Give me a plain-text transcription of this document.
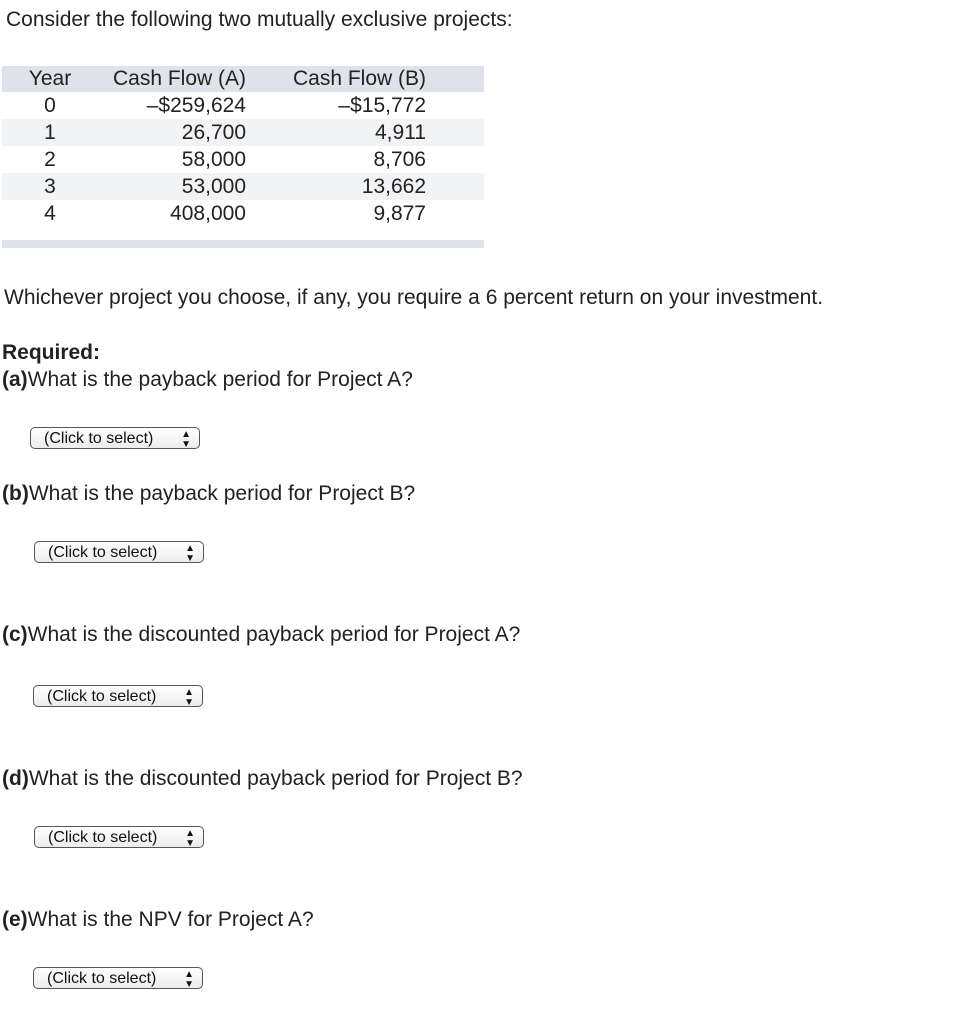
Consider the following two mutually exclusive projects:
Year	Cash Flow (A)	Cash Flow (B)	
0	–$259,624	–$15,772	
1	26,700	4,911	
2	58,000	8,706	
3	53,000	13,662	
4	408,000	9,877	
Whichever project you choose, if any, you require a 6 percent return on your investment.
Required:
(a)What is the payback period for Project A?
(Click to select)	▲
▼
(b)What is the payback period for Project B?
(Click to select)	▲
▼
(c)What is the discounted payback period for Project A?
(Click to select)	▲
▼
(d)What is the discounted payback period for Project B?
(Click to select)	▲
▼
(e)What is the NPV for Project A?
(Click to select)	▲
▼
